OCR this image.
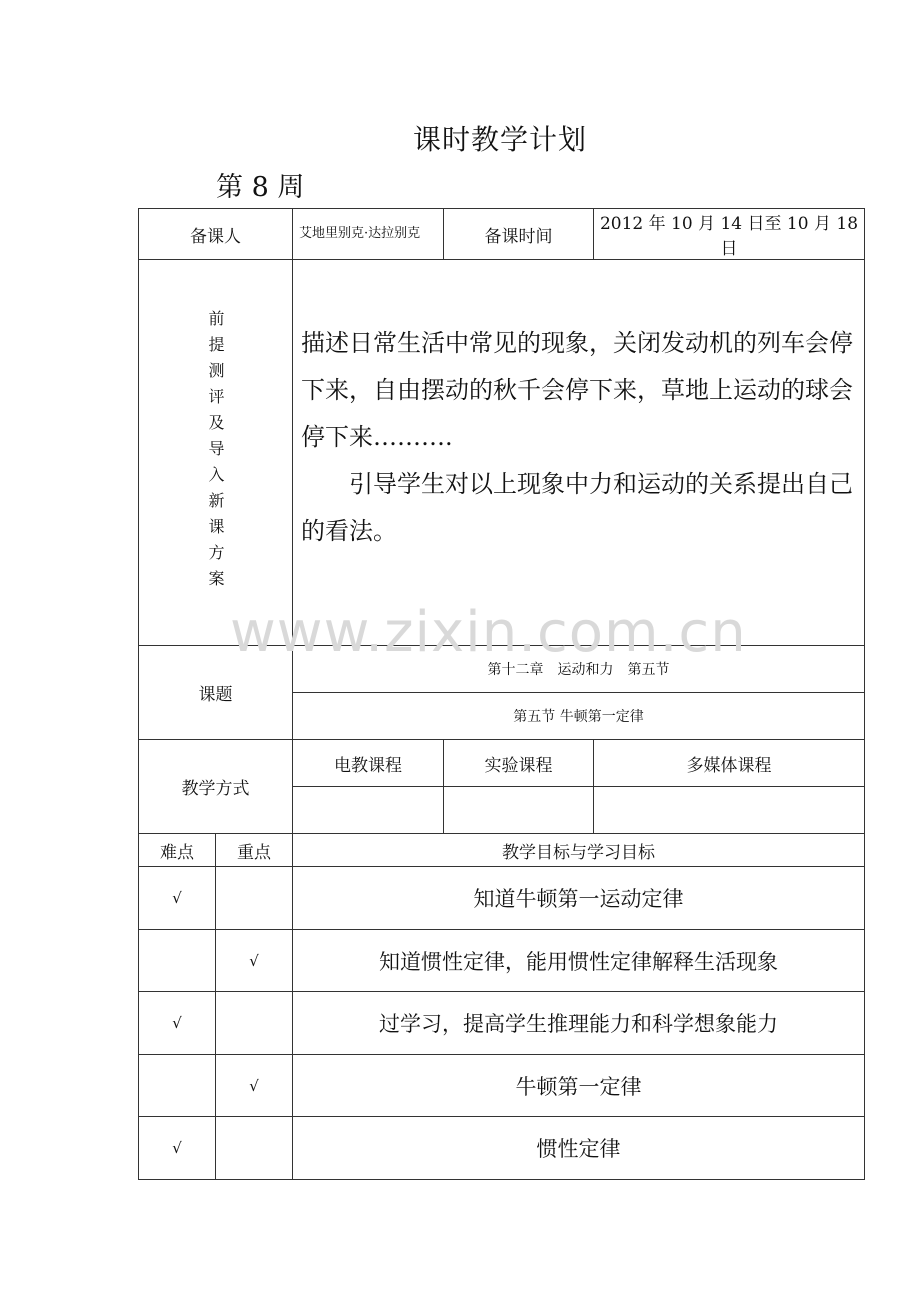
课时教学计划
第 8 周
备课人		艾地里别克·达拉别克	备课时间	2012 年 10 月 14 日至 10 月 18 日

前提测评及导入新课方案		描述日常生活中常见的现象，关闭发动机的列车会停下来，自由摆动的秋千会停下来，草地上运动的球会停下来……….
引导学生对以上现象中力和运动的关系提出自己的看法。		

课题		第十二章　运动和力　第五节		
		第五节 牛顿第一定律		
教学方式		电教课程	实验课程	多媒体课程

难点	重点	教学目标与学习目标		
√		知道牛顿第一运动定律		
	√	知道惯性定律，能用惯性定律解释生活现象		
√		过学习，提高学生推理能力和科学想象能力		
	√	牛顿第一定律		
√		惯性定律		
www.zixin.com.cn
